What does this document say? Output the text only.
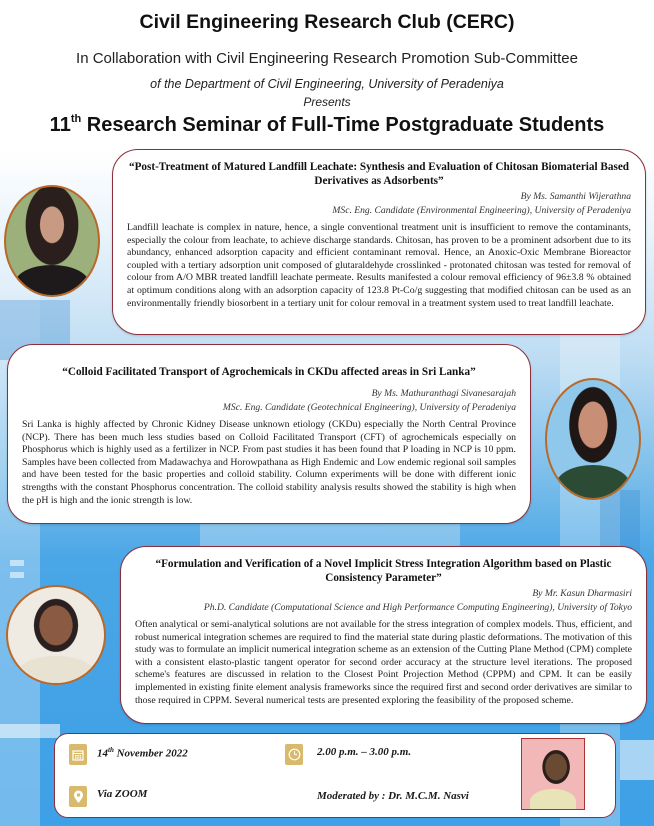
Civil Engineering Research Club (CERC)
In Collaboration with Civil Engineering Research Promotion Sub-Committee
of the Department of Civil Engineering, University of Peradeniya
Presents
11th Research Seminar of Full-Time Postgraduate Students
“Post-Treatment of Matured Landfill Leachate: Synthesis and Evaluation of Chitosan Biomaterial Based Derivatives as Adsorbents”
By Ms. Samanthi Wijerathna
MSc. Eng. Candidate (Environmental Engineering), University of Peradeniya
Landfill leachate is complex in nature, hence, a single conventional treatment unit is insufficient to remove the contaminants, especially the colour from leachate, to achieve discharge standards. Chitosan, has proven to be a prominent adsorbent due to its abundancy, enhanced adsorption capacity and efficient contaminant removal. Hence, an Anoxic-Oxic Membrane Bioreactor coupled with a tertiary adsorption unit composed of glutaraldehyde crosslinked - protonated chitosan was tested for removal of colour from A/O MBR treated landfill leachate permeate. Results manifested a colour removal efficiency of 96±3.8 % obtained at optimum conditions along with an adsorption capacity of 123.8 Pt-Co/g suggesting that modified chitosan can be used as an environmentally friendly biosorbent in a tertiary unit for colour removal in a treatment system used to treat landfill leachate.
“Colloid Facilitated Transport of Agrochemicals in CKDu affected areas in Sri Lanka”
By Ms. Mathuranthagi Sivanesarajah
MSc. Eng. Candidate (Geotechnical Engineering), University of Peradeniya
Sri Lanka is highly affected by Chronic Kidney Disease unknown etiology (CKDu) especially the North Central Province (NCP). There has been much less studies based on Colloid Facilitated Transport (CFT) of agrochemicals especially on Phosphorus which is highly used as a fertilizer in NCP. From past studies it has been found that P loading in NCP is 10 ppm. Samples have been collected from Madawachya and Horowpathana as High Endemic and Low endemic regional soil samples and have been tested for the basic properties and colloid stability. Column experiments will be done with different ionic strengths with the constant Phosphorus concentration. The colloid stability analysis results showed the stability is high when the pH is high and the ionic strength is low.
“Formulation and Verification of a Novel Implicit Stress Integration Algorithm based on Plastic Consistency Parameter”
By Mr. Kasun Dharmasiri
Ph.D. Candidate (Computational Science and High Performance Computing Engineering), University of Tokyo
Often analytical or semi-analytical solutions are not available for the stress integration of complex models. Thus, efficient, and robust numerical integration schemes are required to find the material state during plastic deformations. The motivation of this study was to formulate an implicit numerical integration scheme as an extension of the Cutting Plane Method (CPM) complete with a consistent elasto-plastic tangent operator for second order accuracy at the structure level iterations. The proposed scheme's features are discussed in relation to the Closest Point Projection Method (CPPM) and CPM. It can be easily implemented in existing finite element analysis frameworks since the required first and second order derivatives are similar to those required in CPPM. Several numerical tests are presented exploring the feasibility of the proposed scheme.
14th November 2022	2.00 p.m. – 3.00 p.m.
Via ZOOM	Moderated by : Dr. M.C.M. Nasvi
